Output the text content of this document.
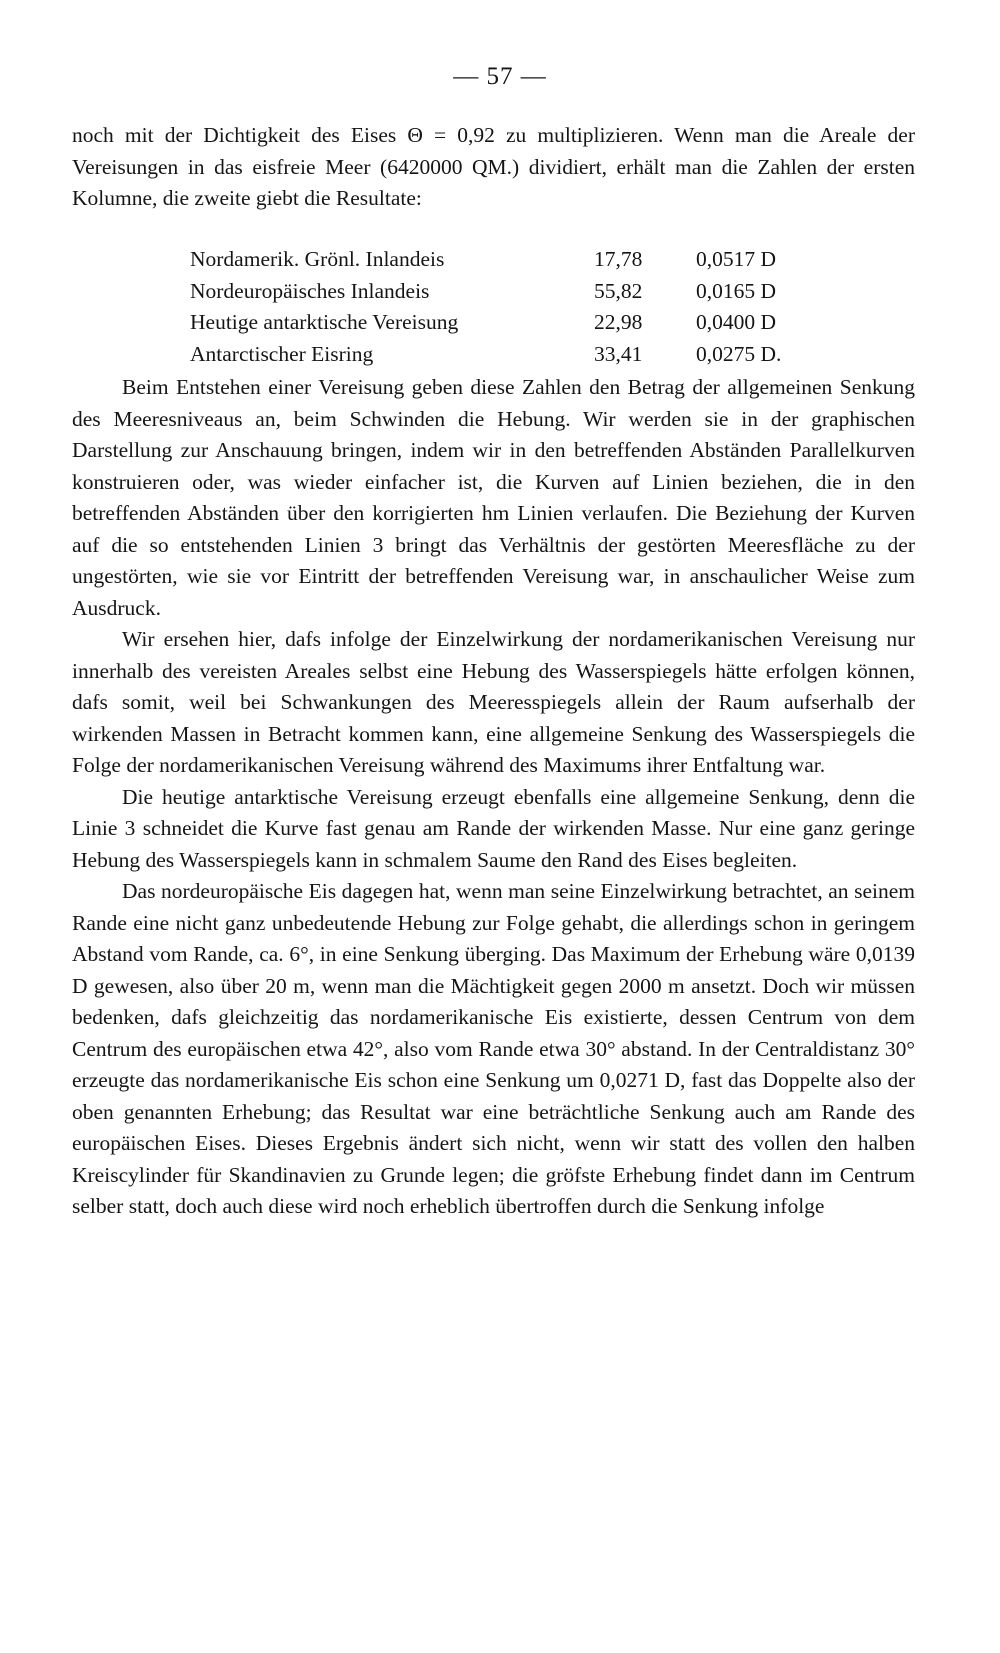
— 57 —

noch mit der Dichtigkeit des Eises Θ = 0,92 zu multiplizieren. Wenn man die Areale der Vereisungen in das eisfreie Meer (6420000 QM.) dividiert, erhält man die Zahlen der ersten Kolumne, die zweite giebt die Resultate:

Nordamerik. Grönl. Inlandeis	17,78	0,0517 D
Nordeuropäisches Inlandeis	55,82	0,0165 D
Heutige antarktische Vereisung	22,98	0,0400 D
Antarctischer Eisring	33,41	0,0275 D.

Beim Entstehen einer Vereisung geben diese Zahlen den Betrag der allgemeinen Senkung des Meeresniveaus an, beim Schwinden die Hebung. Wir werden sie in der graphischen Darstellung zur Anschauung bringen, indem wir in den betreffenden Abständen Parallelkurven konstruieren oder, was wieder einfacher ist, die Kurven auf Linien beziehen, die in den betreffenden Abständen über den korrigierten hm Linien verlaufen. Die Beziehung der Kurven auf die so entstehenden Linien 3 bringt das Verhältnis der gestörten Meeresfläche zu der ungestörten, wie sie vor Eintritt der betreffenden Vereisung war, in anschaulicher Weise zum Ausdruck.

Wir ersehen hier, dafs infolge der Einzelwirkung der nordamerikanischen Vereisung nur innerhalb des vereisten Areales selbst eine Hebung des Wasserspiegels hätte erfolgen können, dafs somit, weil bei Schwankungen des Meeresspiegels allein der Raum aufserhalb der wirkenden Massen in Betracht kommen kann, eine allgemeine Senkung des Wasserspiegels die Folge der nordamerikanischen Vereisung während des Maximums ihrer Entfaltung war.

Die heutige antarktische Vereisung erzeugt ebenfalls eine allgemeine Senkung, denn die Linie 3 schneidet die Kurve fast genau am Rande der wirkenden Masse. Nur eine ganz geringe Hebung des Wasserspiegels kann in schmalem Saume den Rand des Eises begleiten.

Das nordeuropäische Eis dagegen hat, wenn man seine Einzelwirkung betrachtet, an seinem Rande eine nicht ganz unbedeutende Hebung zur Folge gehabt, die allerdings schon in geringem Abstand vom Rande, ca. 6°, in eine Senkung überging. Das Maximum der Erhebung wäre 0,0139 D gewesen, also über 20 m, wenn man die Mächtigkeit gegen 2000 m ansetzt. Doch wir müssen bedenken, dafs gleichzeitig das nordamerikanische Eis existierte, dessen Centrum von dem Centrum des europäischen etwa 42°, also vom Rande etwa 30° abstand. In der Centraldistanz 30° erzeugte das nordamerikanische Eis schon eine Senkung um 0,0271 D, fast das Doppelte also der oben genannten Erhebung; das Resultat war eine beträchtliche Senkung auch am Rande des europäischen Eises. Dieses Ergebnis ändert sich nicht, wenn wir statt des vollen den halben Kreiscylinder für Skandinavien zu Grunde legen; die gröfste Erhebung findet dann im Centrum selber statt, doch auch diese wird noch erheblich übertroffen durch die Senkung infolge
